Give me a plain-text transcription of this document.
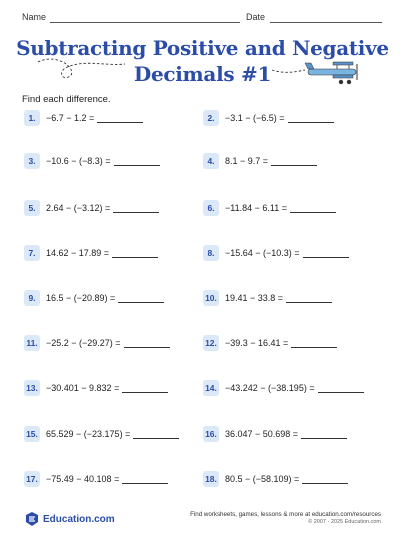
Name	Date
Subtracting Positive and Negative
Decimals #1
Find each difference.
1.	−6.7 − 1.2 =	2.	−3.1 − (−6.5) =
3.	−10.6 − (−8.3) =	4.	8.1 − 9.7 =
5.	2.64 − (−3.12) =	6.	−11.84 − 6.11 =
7.	14.62 − 17.89 =	8.	−15.64 − (−10.3) =
9.	16.5 − (−20.89) =	10. 19.41 − 33.8 =
11. −25.2 − (−29.27) =	12. −39.3 − 16.41 =
13. −30.401 − 9.832 =	14. −43.242 − (−38.195) =
15. 65.529 − (−23.175) =	16. 36.047 − 50.698 =
17. −75.49 − 40.108 =	18. 80.5 − (−58.109) =
Education.com	Find worksheets, games, lessons & more at education.com/resources
© 2007 - 2025 Education.com
